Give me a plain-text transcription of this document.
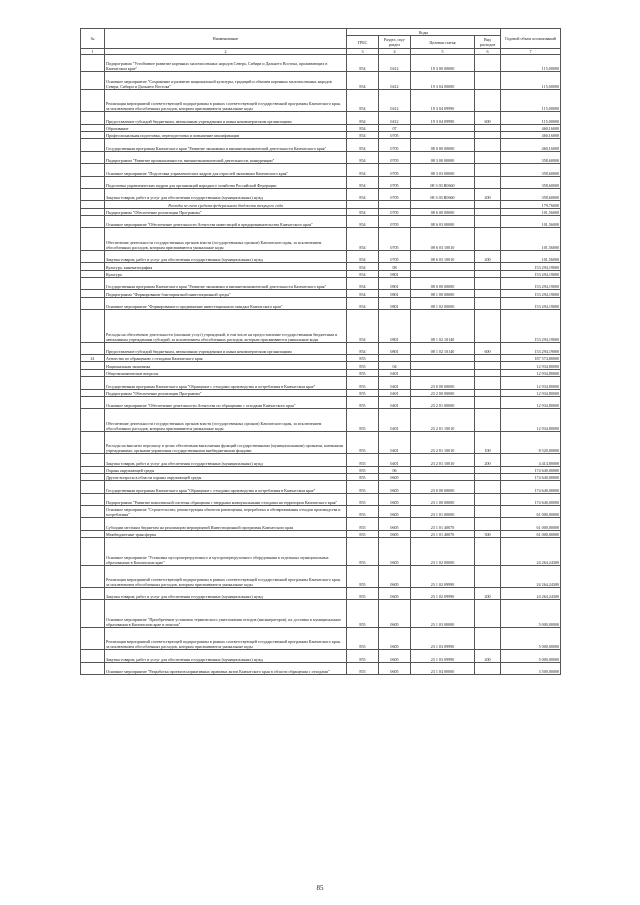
№	Наименование	Коды				Годовой объем ассигнований
		ГРБС	Раздел, под-раздел	Целевая статья	Вид расходов	
1	2	3	4	5	6	7
	Подпрограмма "Устойчивое развитие коренных малочисленных народов Севера, Сибири и Дальнего Востока, проживающих в Камчатском крае"	854	0412	19 3 00 00000		115,00000
	Основное мероприятие "Сохранение и развитие национальной культуры, традиций и обычаев коренных малочисленных народов Севера, Сибири и Дальнего Востока"	854	0412	19 3 04 00000		115,00000
	Реализация мероприятий соответствующей подпрограммы в рамках соответствующей государственной программы Камчатского края, за исключением обособленных расходов, которым присваиваются уникальные коды	854	0412	19 3 04 09990		115,00000
	Предоставление субсидий бюджетным, автономным учреждениям и иным некоммерческим организациям	854	0412	19 3 04 09990	600	115,00000
	Образование	854	07			460,16000
	Профессиональная подготовка, переподготовка и повышение квалификации	854	0705			460,16000
	Государственная программа Камчатского края "Развитие экономики и внешнеэкономической деятельности Камчатского края"	854	0705	08 0 00 00000		460,16000
	Подпрограмма "Развитие промышленности, внешнеэкономической деятельности, конкуренции"	854	0705	08 3 00 00000		358,60000
	Основное мероприятие "Подготовка управленческих кадров для отраслей экономики Камчатского края"	854	0705	08 3 03 00000		358,60000
	Подготовка управленческих кадров для организаций народного хозяйства Российской Федерации	854	0705	08 3 03 R0660		358,60000
	Закупка товаров, работ и услуг для обеспечения государственных (муниципальных) нужд	854	0705	08 3 03 R0660	200	358,60000
	Расходы за счет средств федерального бюджета текущего года					179,76000
	Подпрограмма "Обеспечение реализации Программы"	854	0705	08 6 00 00000		101,56000
	Основное мероприятие "Обеспечение деятельности Агентства инвестиций и предпринимательства Камчатского края"	854	0705	08 6 03 00000		101,56000
	Обеспечение деятельности государственных органов власти (государственных органов) Камчатского края, за исключением обособленных расходов, которым присваиваются уникальные коды	854	0705	08 6 03 10010		101,56000
	Закупка товаров, работ и услуг для обеспечения государственных (муниципальных) нужд	854	0705	08 6 03 10010	200	101,56000
	Культура, кинематография	854	08			153 294,19000
	Культура	854	0801			153 294,19000
	Государственная программа Камчатского края "Развитие экономики и внешнеэкономической деятельности Камчатского края"	854	0801	08 0 00 00000		153 294,19000
	Подпрограмма "Формирование благоприятной инвестиционной среды"	854	0801	08 1 00 00000		153 294,19000
	Основное мероприятие "Формирование и продвижение инвестиционного имиджа Камчатского края"	854	0801	08 1 02 00000		153 294,19000
	Расходы на обеспечение деятельности (оказание услуг) учреждений, в том числе на предоставление государственным бюджетным и автономным учреждениям субсидий, за исключением обособленных расходов, которым присваиваются уникальные коды	854	0801	08 1 02 10140		153 294,19000
	Предоставление субсидий бюджетным, автономным учреждениям и иным некоммерческим организациям	854	0801	08 1 02 10140	600	153 294,19000
41	Агентство по обращению с отходами Камчатского края	855				187 574,80000
	Национальная экономика	855	04			12 934,80000
	Общеэкономические вопросы	855	0401			12 934,80000
	Государственная программа Камчатского края "Обращение с отходами производства и потребления в Камчатском крае"	855	0401	23 0 00 00000		12 934,80000
	Подпрограмма "Обеспечение реализации Программы"	855	0401	23 2 00 00000		12 934,80000
	Основное мероприятие "Обеспечение деятельности Агентства по обращению с отходами Камчатского края"	855	0401	23 2 01 00000		12 934,80000
	Обеспечение деятельности государственных органов власти (государственных органов) Камчатского края, за исключением обособленных расходов, которым присваиваются уникальные коды	855	0401	23 2 01 10010		12 934,80000
	Расходы на выплаты персоналу в целях обеспечения выполнения функций государственными (муниципальными) органами, казенными учреждениями, органами управления государственными внебюджетными фондами	855	0401	23 2 01 10010	100	8 520,00000
	Закупка товаров, работ и услуг для обеспечения государственных (муниципальных) нужд	855	0401	23 2 01 10010	200	4 414,80000
	Охрана окружающей среды	855	06			174 640,00000
	Другие вопросы в области охраны окружающей среды	855	0605			174 640,00000
	Государственная программа Камчатского края "Обращение с отходами производства и потребления в Камчатском крае"	855	0605	23 0 00 00000		174 640,00000
	Подпрограмма "Развитие комплексной системы обращения с твердыми коммунальными отходами на территории Камчатского края"	855	0605	23 1 00 00000		174 640,00000
	Основное мероприятие "Строительство, реконструкция объектов размещения, переработки и обезвреживания отходов производства и потребления"	855	0605	23 1 01 00000		61 000,00000
	Субсидии местным бюджетам на реализацию мероприятий Инвестиционной программы Камчатского края	855	0605	23 1 01 40070		61 000,00000
	Межбюджетные трансферты	855	0605	23 1 01 40070	500	61 000,00000
	Основное мероприятие "Установка мусороперегрузочного и мусороперегрузочного оборудования в отдельных муниципальных образованиях в Камчатском крае"	855	0605	23 1 02 00000		24 264,24300
	Реализация мероприятий соответствующей подпрограммы в рамках соответствующей государственной программы Камчатского края, за исключением обособленных расходов, которым присваиваются уникальные коды	855	0605	23 1 02 09990		24 264,24300
	Закупка товаров, работ и услуг для обеспечения государственных (муниципальных) нужд	855	0605	23 1 02 09990	200	24 264,24300
	Основное мероприятие "Приобретение установок термического уничтожения отходов (инсинераторов), их доставка в муниципальные образования в Камчатском крае и монтаж"	855	0605	23 1 03 00000		5 000,00000
	Реализация мероприятий соответствующей подпрограммы в рамках соответствующей государственной программы Камчатского края, за исключением обособленных расходов, которым присваиваются уникальные коды	855	0605	23 1 03 09990		5 000,00000
	Закупка товаров, работ и услуг для обеспечения государственных (муниципальных) нужд	855	0605	23 1 03 09990	200	5 000,00000
	Основное мероприятие "Разработка проектов нормативных правовых актов Камчатского края в области обращения с отходами"	855	0605	23 1 04 00000		3 500,00000
85
